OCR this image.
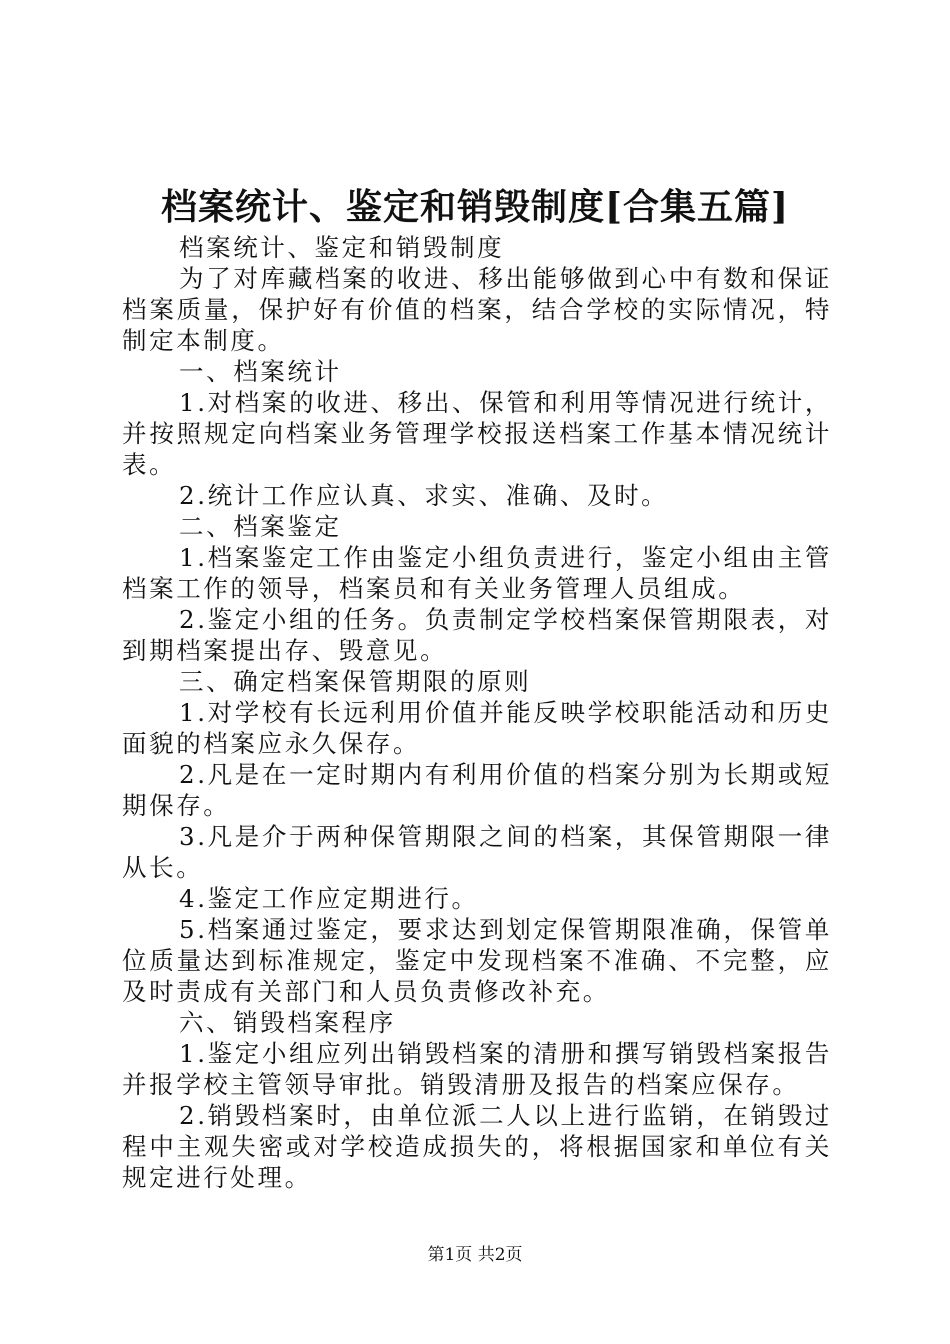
档案统计、鉴定和销毁制度[合集五篇]

档案统计、鉴定和销毁制度

为了对库藏档案的收进、移出能够做到心中有数和保证档案质量，保护好有价值的档案，结合学校的实际情况，特制定本制度。

一、档案统计

1.对档案的收进、移出、保管和利用等情况进行统计，并按照规定向档案业务管理学校报送档案工作基本情况统计表。

2.统计工作应认真、求实、准确、及时。

二、档案鉴定

1.档案鉴定工作由鉴定小组负责进行，鉴定小组由主管档案工作的领导，档案员和有关业务管理人员组成。

2.鉴定小组的任务。负责制定学校档案保管期限表，对到期档案提出存、毁意见。

三、确定档案保管期限的原则

1.对学校有长远利用价值并能反映学校职能活动和历史面貌的档案应永久保存。

2.凡是在一定时期内有利用价值的档案分别为长期或短期保存。

3.凡是介于两种保管期限之间的档案，其保管期限一律从长。

4.鉴定工作应定期进行。

5.档案通过鉴定，要求达到划定保管期限准确，保管单位质量达到标准规定，鉴定中发现档案不准确、不完整，应及时责成有关部门和人员负责修改补充。

六、销毁档案程序

1.鉴定小组应列出销毁档案的清册和撰写销毁档案报告并报学校主管领导审批。销毁清册及报告的档案应保存。

2.销毁档案时，由单位派二人以上进行监销，在销毁过程中主观失密或对学校造成损失的，将根据国家和单位有关规定进行处理。

第1页 共2页
